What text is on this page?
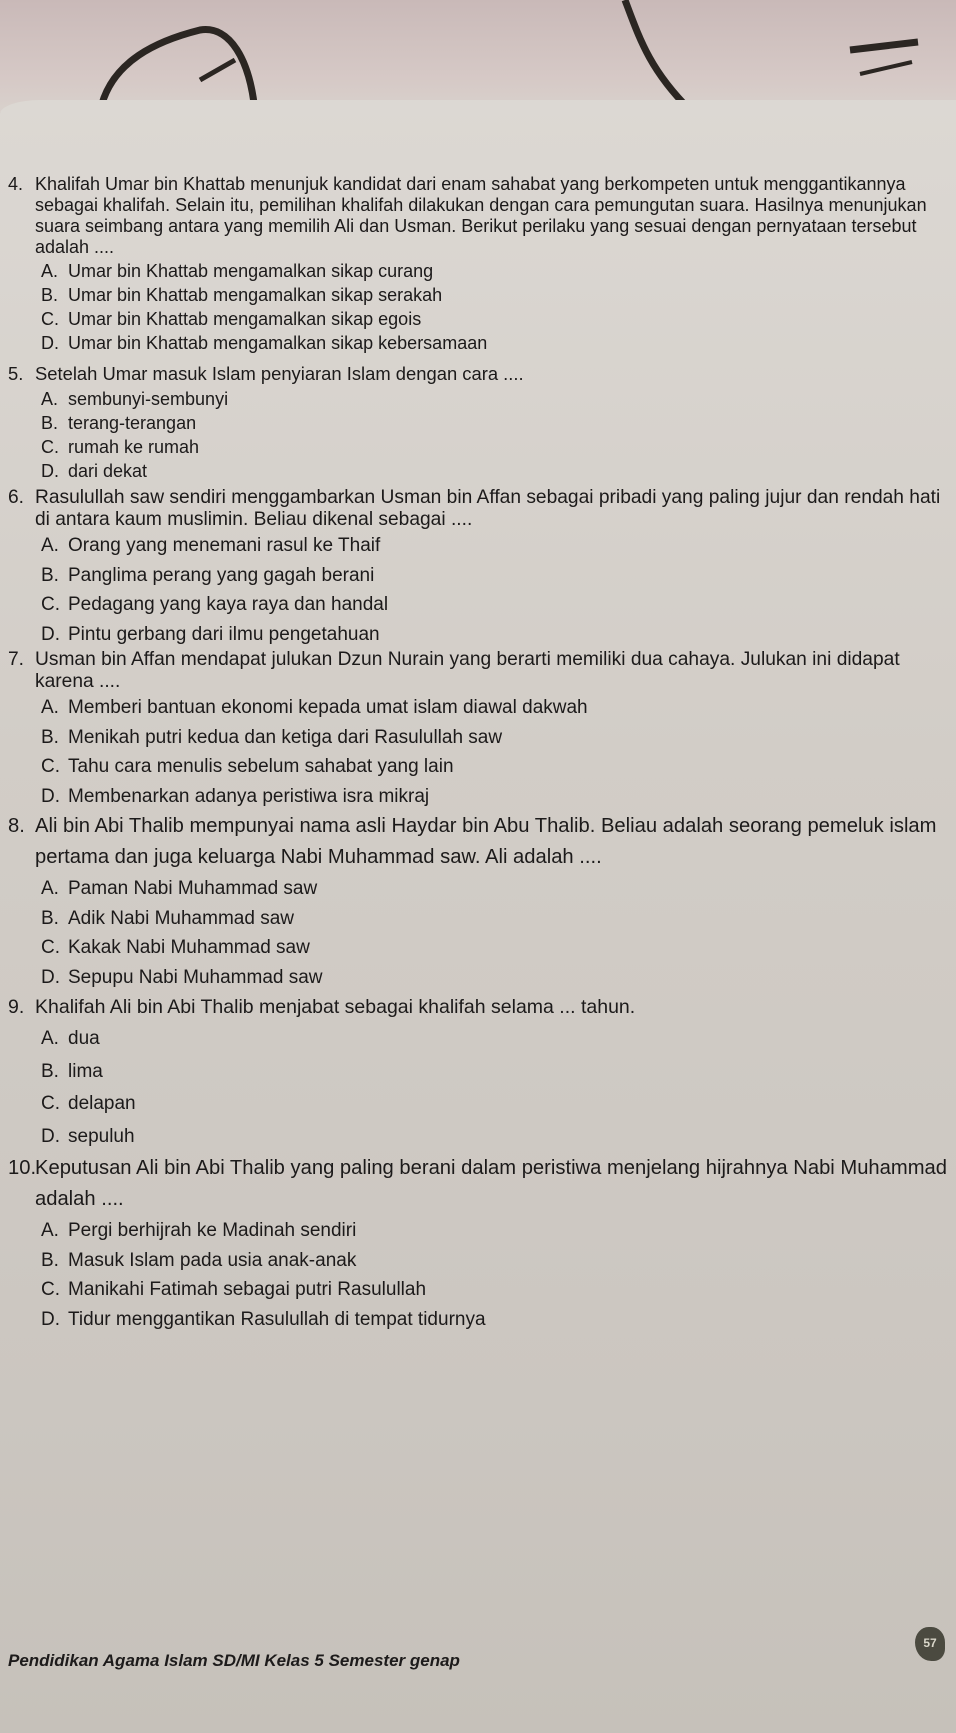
4. Khalifah Umar bin Khattab menunjuk kandidat dari enam sahabat yang berkompeten untuk menggantikannya sebagai khalifah. Selain itu, pemilihan khalifah dilakukan dengan cara pemungutan suara. Hasilnya menunjukan suara seimbang antara yang memilih Ali dan Usman. Berikut perilaku yang sesuai dengan pernyataan tersebut adalah ....

A. Umar bin Khattab mengamalkan sikap curang
B. Umar bin Khattab mengamalkan sikap serakah
C. Umar bin Khattab mengamalkan sikap egois
D. Umar bin Khattab mengamalkan sikap kebersamaan

5. Setelah Umar masuk Islam penyiaran Islam dengan cara ....

A. sembunyi-sembunyi
B. terang-terangan
C. rumah ke rumah
D. dari dekat

6. Rasulullah saw sendiri menggambarkan Usman bin Affan sebagai pribadi yang paling jujur dan rendah hati di antara kaum muslimin. Beliau dikenal sebagai ....

A. Orang yang menemani rasul ke Thaif
B. Panglima perang yang gagah berani
C. Pedagang yang kaya raya dan handal
D. Pintu gerbang dari ilmu pengetahuan

7. Usman bin Affan mendapat julukan Dzun Nurain yang berarti memiliki dua cahaya. Julukan ini didapat karena ....

A. Memberi bantuan ekonomi kepada umat islam diawal dakwah
B. Menikah putri kedua dan ketiga dari Rasulullah saw
C. Tahu cara menulis sebelum sahabat yang lain
D. Membenarkan adanya peristiwa isra mikraj

8. Ali bin Abi Thalib mempunyai nama asli Haydar bin Abu Thalib. Beliau adalah seorang pemeluk islam pertama dan juga keluarga Nabi Muhammad saw. Ali adalah ....

A. Paman Nabi Muhammad saw
B. Adik Nabi Muhammad saw
C. Kakak Nabi Muhammad saw
D. Sepupu Nabi Muhammad saw

9. Khalifah Ali bin Abi Thalib menjabat sebagai khalifah selama ... tahun.

A. dua
B. lima
C. delapan
D. sepuluh

10.
Keputusan Ali bin Abi Thalib yang paling berani dalam peristiwa menjelang hijrahnya Nabi Muhammad adalah ....

A. Pergi berhijrah ke Madinah sendiri
B. Masuk Islam pada usia anak-anak
C. Manikahi Fatimah sebagai putri Rasulullah
D. Tidur menggantikan Rasulullah di tempat tidurnya
Pendidikan Agama Islam SD/MI Kelas 5 Semester genap
57
